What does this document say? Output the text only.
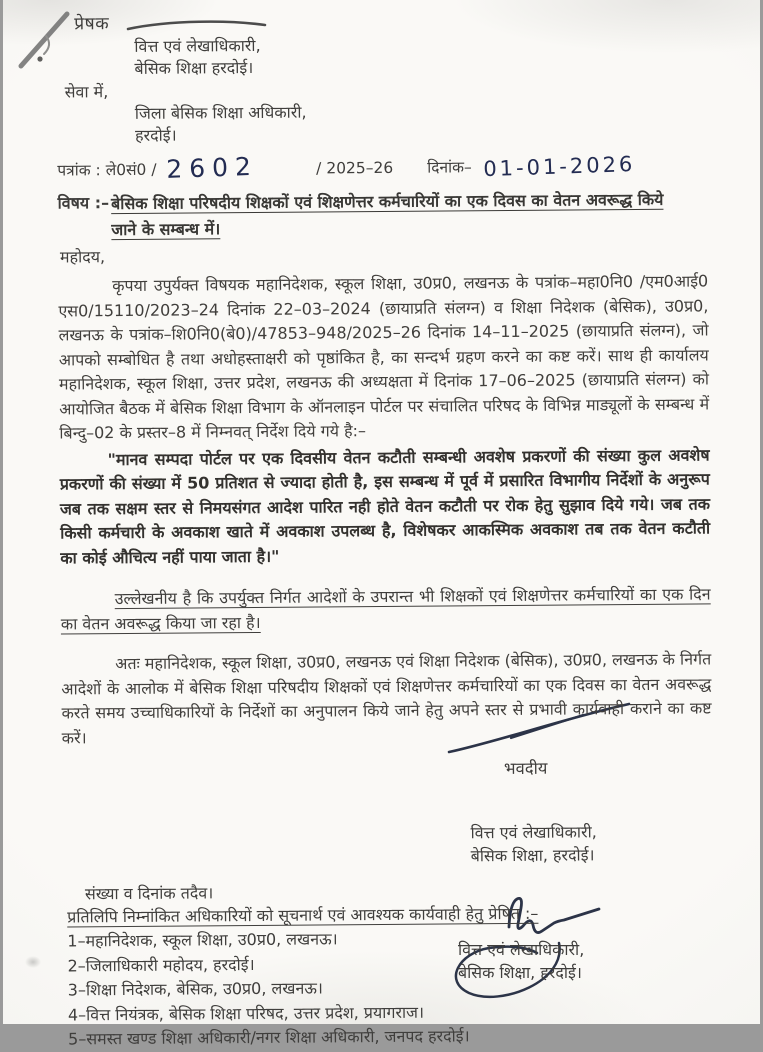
प्रेषक
वित्त एवं लेखाधिकारी,
बेसिक शिक्षा हरदोई।
सेवा में,
जिला बेसिक शिक्षा अधिकारी,
हरदोई।
पत्रांक : ले0सं0 / 2602	/ 2025–26 दिनांक– 01-01-2026
विषय :– बेसिक शिक्षा परिषदीय शिक्षकों एवं शिक्षणेत्तर कर्मचारियों का एक दिवस का वेतन अवरूद्ध किये जाने के सम्बन्ध में।
महोदय,

कृपया उपुर्यक्त विषयक महानिदेशक, स्कूल शिक्षा, उ0प्र0, लखनऊ के पत्रांक–महा0नि0 /एम0आई0 एस0/15110/2023–24 दिनांक 22–03–2024 (छायाप्रति संलग्न) व शिक्षा निदेशक (बेसिक), उ0प्र0, लखनऊ के पत्रांक–शि0नि0(बे0)/47853–948/2025–26 दिनांक 14–11–2025 (छायाप्रति संलग्न), जो आपको सम्बोधित है तथा अधोहस्ताक्षरी को पृष्ठांकित है, का सन्दर्भ ग्रहण करने का कष्ट करें। साथ ही कार्यालय महानिदेशक, स्कूल शिक्षा, उत्तर प्रदेश, लखनऊ की अध्यक्षता में दिनांक 17–06–2025 (छायाप्रति संलग्न) को आयोजित बैठक में बेसिक शिक्षा विभाग के ऑनलाइन पोर्टल पर संचालित परिषद के विभिन्न माड्यूलों के सम्बन्ध में बिन्दु–02 के प्रस्तर–8 में निम्नवत् निर्देश दिये गये है:–

"मानव सम्पदा पोर्टल पर एक दिवसीय वेतन कटौती सम्बन्धी अवशेष प्रकरणों की संख्या कुल अवशेष प्रकरणों की संख्या में 50 प्रतिशत से ज्यादा होती है, इस सम्बन्ध में पूर्व में प्रसारित विभागीय निर्देशों के अनुरूप जब तक सक्षम स्तर से निमयसंगत आदेश पारित नही होते वेतन कटौती पर रोक हेतु सुझाव दिये गये। जब तक किसी कर्मचारी के अवकाश खाते में अवकाश उपलब्ध है, विशेषकर आकस्मिक अवकाश तब तक वेतन कटौती का कोई औचित्य नहीं पाया जाता है।"

उल्लेखनीय है कि उपर्युक्त निर्गत आदेशों के उपरान्त भी शिक्षकों एवं शिक्षणेत्तर कर्मचारियों का एक दिन का वेतन अवरूद्ध किया जा रहा है।

अतः महानिदेशक, स्कूल शिक्षा, उ0प्र0, लखनऊ एवं शिक्षा निदेशक (बेसिक), उ0प्र0, लखनऊ के निर्गत आदेशों के आलोक में बेसिक शिक्षा परिषदीय शिक्षकों एवं शिक्षणेत्तर कर्मचारियों का एक दिवस का वेतन अवरूद्ध करते समय उच्चाधिकारियों के निर्देशों का अनुपालन किये जाने हेतु अपने स्तर से प्रभावी कार्यवाही कराने का कष्ट करें।

भवदीय
वित्त एवं लेखाधिकारी,
बेसिक शिक्षा, हरदोई।
संख्या व दिनांक तदैव।
प्रतिलिपि निम्नांकित अधिकारियों को सूचनार्थ एवं आवश्यक कार्यवाही हेतु प्रेषित :–
1–महानिदेशक, स्कूल शिक्षा, उ0प्र0, लखनऊ।
2–जिलाधिकारी महोदय, हरदोई।
3–शिक्षा निदेशक, बेसिक, उ0प्र0, लखनऊ।
4–वित्त नियंत्रक, बेसिक शिक्षा परिषद, उत्तर प्रदेश, प्रयागराज।
5–समस्त खण्ड शिक्षा अधिकारी/नगर शिक्षा अधिकारी, जनपद हरदोई।
वित्त एवं लेखाधिकारी,
बेसिक शिक्षा, हरदोई।
